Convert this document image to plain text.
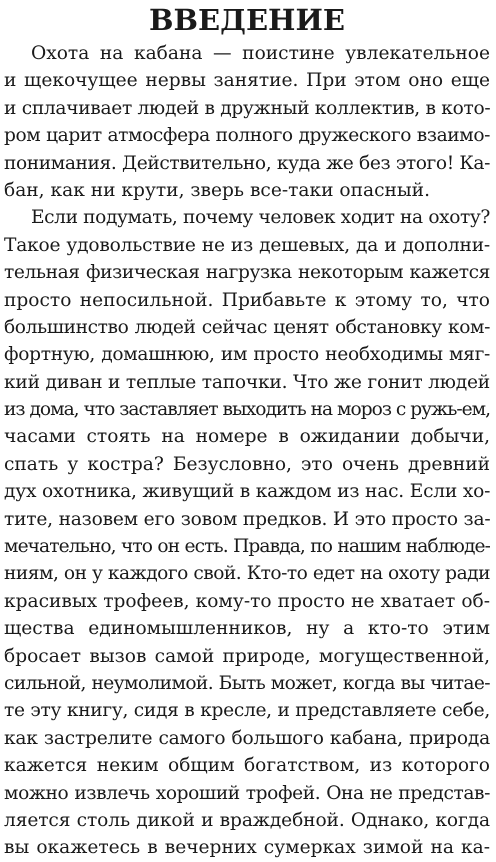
ВВЕДЕНИЕ
Охота на кабана — поистине увлекательное
и щекочущее нервы занятие. При этом оно еще
и сплачивает людей в дружный коллектив, в кото-
ром царит атмосфера полного дружеского взаимо-
понимания. Действительно, куда же без этого! Ка-
бан, как ни крути, зверь все-таки опасный.
Если подумать, почему человек ходит на охоту?
Такое удовольствие не из дешевых, да и дополни-
тельная физическая нагрузка некоторым кажется
просто непосильной. Прибавьте к этому то, что
большинство людей сейчас ценят обстановку ком-
фортную, домашнюю, им просто необходимы мяг-
кий диван и теплые тапочки. Что же гонит людей
из дома, что заставляет выходить на мороз с ружь-ем,
часами стоять на номере в ожидании добычи,
спать у костра? Безусловно, это очень древний
дух охотника, живущий в каждом из нас. Если хо-
тите, назовем его зовом предков. И это просто за-
мечательно, что он есть. Правда, по нашим наблюде-
ниям, он у каждого свой. Кто-то едет на охоту ради
красивых трофеев, кому-то просто не хватает об-
щества единомышленников, ну а кто-то этим
бросает вызов самой природе, могущественной,
сильной, неумолимой. Быть может, когда вы читае-
те эту книгу, сидя в кресле, и представляете себе,
как застрелите самого большого кабана, природа
кажется неким общим богатством, из которого
можно извлечь хороший трофей. Она не представ-
ляется столь дикой и враждебной. Однако, когда
вы окажетесь в вечерних сумерках зимой на ка-
